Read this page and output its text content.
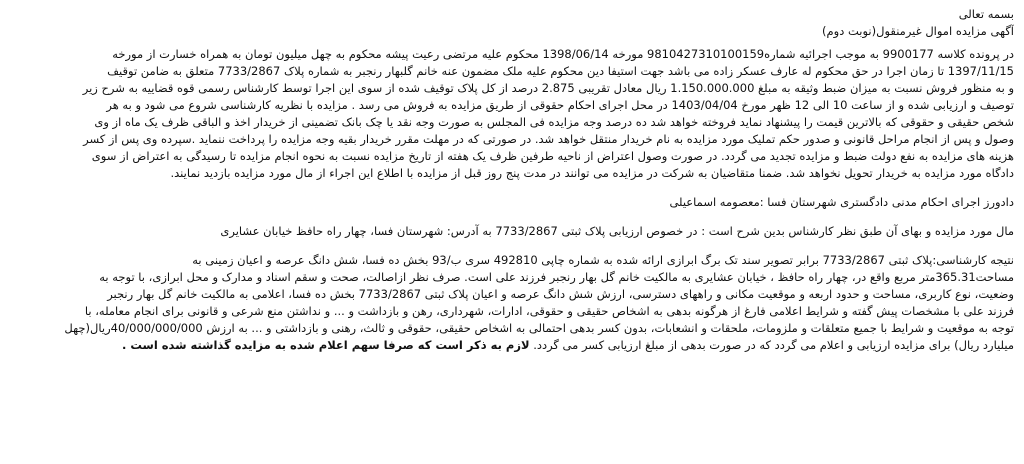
بسمه تعالی
آگهی مزایده اموال غیرمنقول(نوبت دوم)
در پرونده کلاسه 9900177 به موجب اجرائیه شماره9810427310100159 مورخه 1398/06/14 محکوم علیه مرتضی رعیت پیشه محکوم به چهل میلیون تومان به همراه خسارت از مورخه
1397/11/15 تا زمان اجرا در حق محکوم له عارف عسکر زاده می باشد جهت استیفا دین محکوم علیه ملک مضمون عنه خانم گلبهار رنجبر به شماره پلاک 7733/2867 متعلق به ضامن توقیف
و به منظور فروش نسبت به میزان ضبط وثیقه به مبلغ 1.150.000.000 ریال معادل تقریبی 2.875 درصد از کل پلاک توقیف شده از سوی این اجرا توسط کارشناس رسمی قوه قضاییه به شرح زیر
توصیف و ارزیابی شده و از ساعت 10 الی 12 ظهر مورخ 1403/04/04 در محل اجرای احکام حقوقی از طریق مزایده به فروش می رسد . مزایده با نظریه کارشناسی شروع می شود و به هر
شخص حقیقی و حقوقی که بالاترین قیمت را پیشنهاد نماید فروخته خواهد شد ده درصد وجه مزایده فی المجلس به صورت وجه نقد یا چک بانک تضمینی از خریدار اخذ و الباقی ظرف یک ماه از وی
وصول و پس از انجام مراحل قانونی و صدور حکم تملیک مورد مزایده به نام خریدار منتقل خواهد شد. در صورتی که در مهلت مقرر خریدار بقیه وجه مزایده را پرداخت ننماید .سپرده وی پس از کسر
هزینه های مزایده به نفع دولت ضبط و مزایده تجدید می گردد. در صورت وصول اعتراض از ناحیه طرفین ظرف یک هفته از تاریخ مزایده نسبت به نحوه انجام مزایده تا رسیدگی به اعتراض از سوی
دادگاه مورد مزایده به خریدار تحویل نخواهد شد. ضمنا متقاضیان به شرکت در مزایده می توانند در مدت پنج روز قبل از مزایده با اطلاع این اجراء از مال مورد مزایده بازدید نمایند.
دادورز اجرای احکام مدنی دادگستری شهرستان فسا :معصومه اسماعیلی
مال مورد مزایده و بهای آن طبق نظر کارشناس بدین شرح است : در خصوص ارزیابی پلاک ثبتی 7733/2867 به آدرس: شهرستان فسا، چهار راه حافظ خیابان عشایری
نتیجه کارشناسی:پلاک ثبتی 7733/2867 برابر تصویر سند تک برگ ابرازی ارائه شده به شماره چاپی 492810 سری ب/93 بخش ده فسا، شش دانگ عرصه و اعیان زمینی به
مساحت365.31متر مربع واقع در، چهار راه حافظ ، خیابان عشایری به مالکیت خانم گل بهار رنجبر فرزند علی است. صرف نظر ازاصالت، صحت و سقم اسناد و مدارک و محل ابرازی، با توجه به
وضعیت، نوع کاربری، مساحت و حدود اربعه و موقعیت مکانی و راههای دسترسی، ارزش شش دانگ عرصه و اعیان پلاک ثبتی 7733/2867 بخش ده فسا، اعلامی به مالکیت خانم گل بهار رنجبر
فرزند علی با مشخصات پیش گفته و شرایط اعلامی فارغ از هرگونه بدهی به اشخاص حقیقی و حقوقی، ادارات، شهرداری، رهن و بازداشت و ... و نداشتن منع شرعی و قانونی برای انجام معامله، با
توجه به موقعیت و شرایط با جمیع متعلقات و ملزومات، ملحقات و انشعابات، بدون کسر بدهی احتمالی به اشخاص حقیقی، حقوقی و ثالث، رهنی و بازداشتی و ... به ارزش 40/000/000/000ریال(چهل
میلیارد ریال) برای مزایده ارزیابی و اعلام می گردد که در صورت بدهی از مبلغ ارزیابی کسر می گردد. لازم به ذکر است که صرفا سهم اعلام شده به مزایده گذاشته شده است .
